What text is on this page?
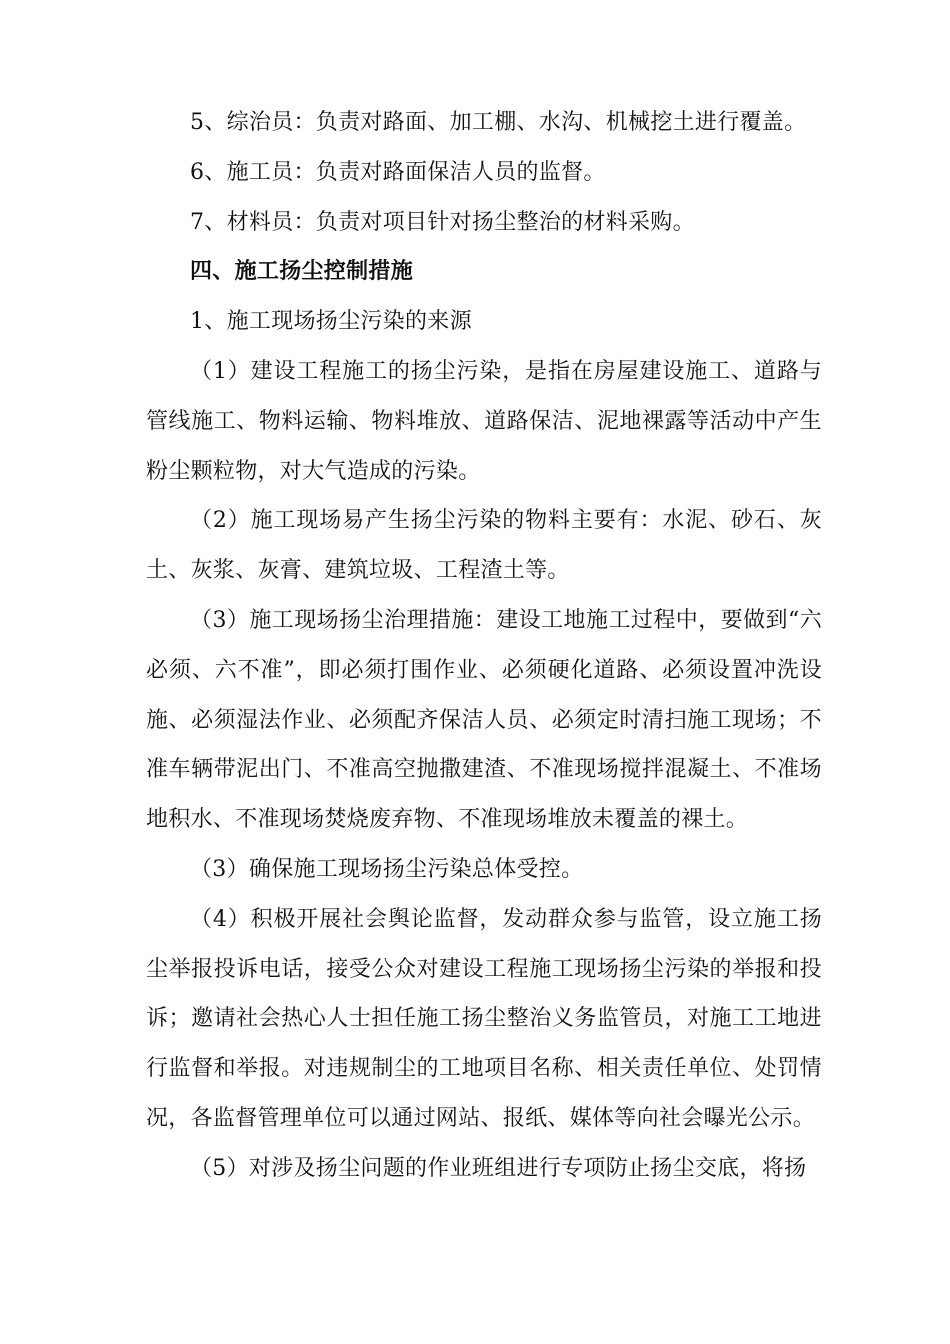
5、综治员：负责对路面、加工棚、水沟、机械挖土进行覆盖。

6、施工员：负责对路面保洁人员的监督。

7、材料员：负责对项目针对扬尘整治的材料采购。

四、施工扬尘控制措施

1、施工现场扬尘污染的来源

（1）建设工程施工的扬尘污染，是指在房屋建设施工、道路与管线施工、物料运输、物料堆放、道路保洁、泥地裸露等活动中产生粉尘颗粒物，对大气造成的污染。

（2）施工现场易产生扬尘污染的物料主要有：水泥、砂石、灰土、灰浆、灰膏、建筑垃圾、工程渣土等。

（3）施工现场扬尘治理措施：建设工地施工过程中，要做到“六必须、六不准”，即必须打围作业、必须硬化道路、必须设置冲洗设施、必须湿法作业、必须配齐保洁人员、必须定时清扫施工现场；不准车辆带泥出门、不准高空抛撒建渣、不准现场搅拌混凝土、不准场地积水、不准现场焚烧废弃物、不准现场堆放未覆盖的裸土。

（3）确保施工现场扬尘污染总体受控。

（4）积极开展社会舆论监督，发动群众参与监管，设立施工扬尘举报投诉电话，接受公众对建设工程施工现场扬尘污染的举报和投诉；邀请社会热心人士担任施工扬尘整治义务监管员，对施工工地进行监督和举报。对违规制尘的工地项目名称、相关责任单位、处罚情况，各监督管理单位可以通过网站、报纸、媒体等向社会曝光公示。

（5）对涉及扬尘问题的作业班组进行专项防止扬尘交底，将扬
